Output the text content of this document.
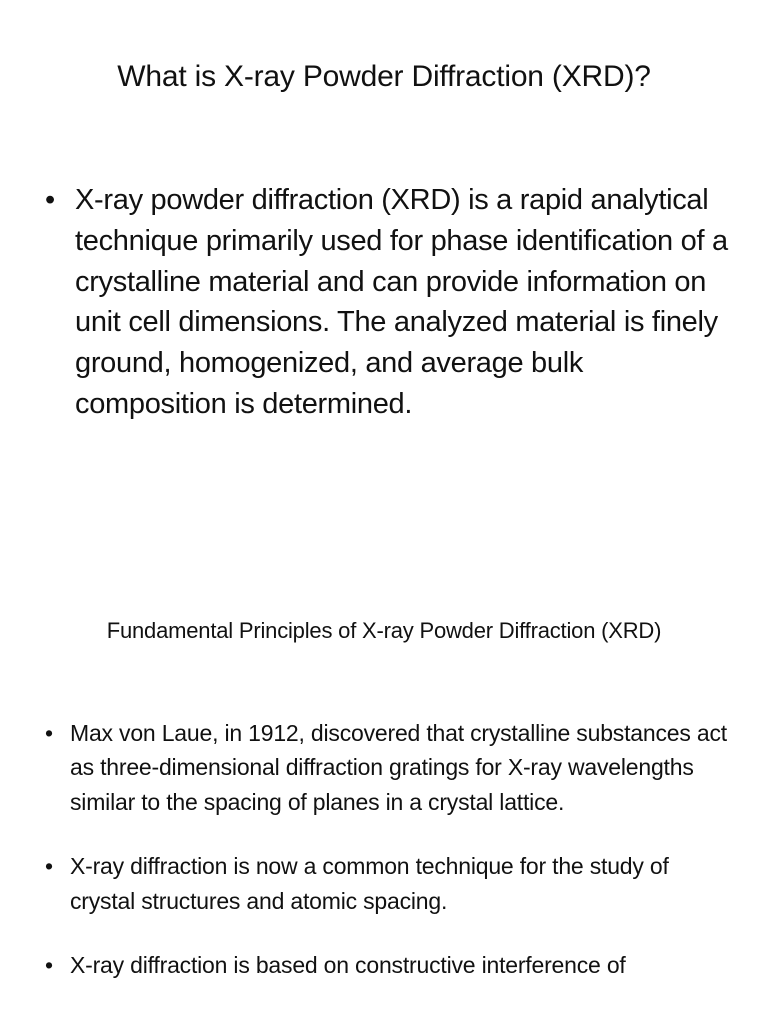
What is X-ray Powder Diffraction (XRD)?
• X-ray powder diffraction (XRD) is a rapid analytical technique primarily used for phase identification of a crystalline material and can provide information on unit cell dimensions. The analyzed material is finely ground, homogenized, and average bulk composition is determined.
Fundamental Principles of X-ray Powder Diffraction (XRD)
• Max von Laue, in 1912, discovered that crystalline substances act as three-dimensional diffraction gratings for X-ray wavelengths similar to the spacing of planes in a crystal lattice.
• X-ray diffraction is now a common technique for the study of crystal structures and atomic spacing.
• X-ray diffraction is based on constructive interference of
